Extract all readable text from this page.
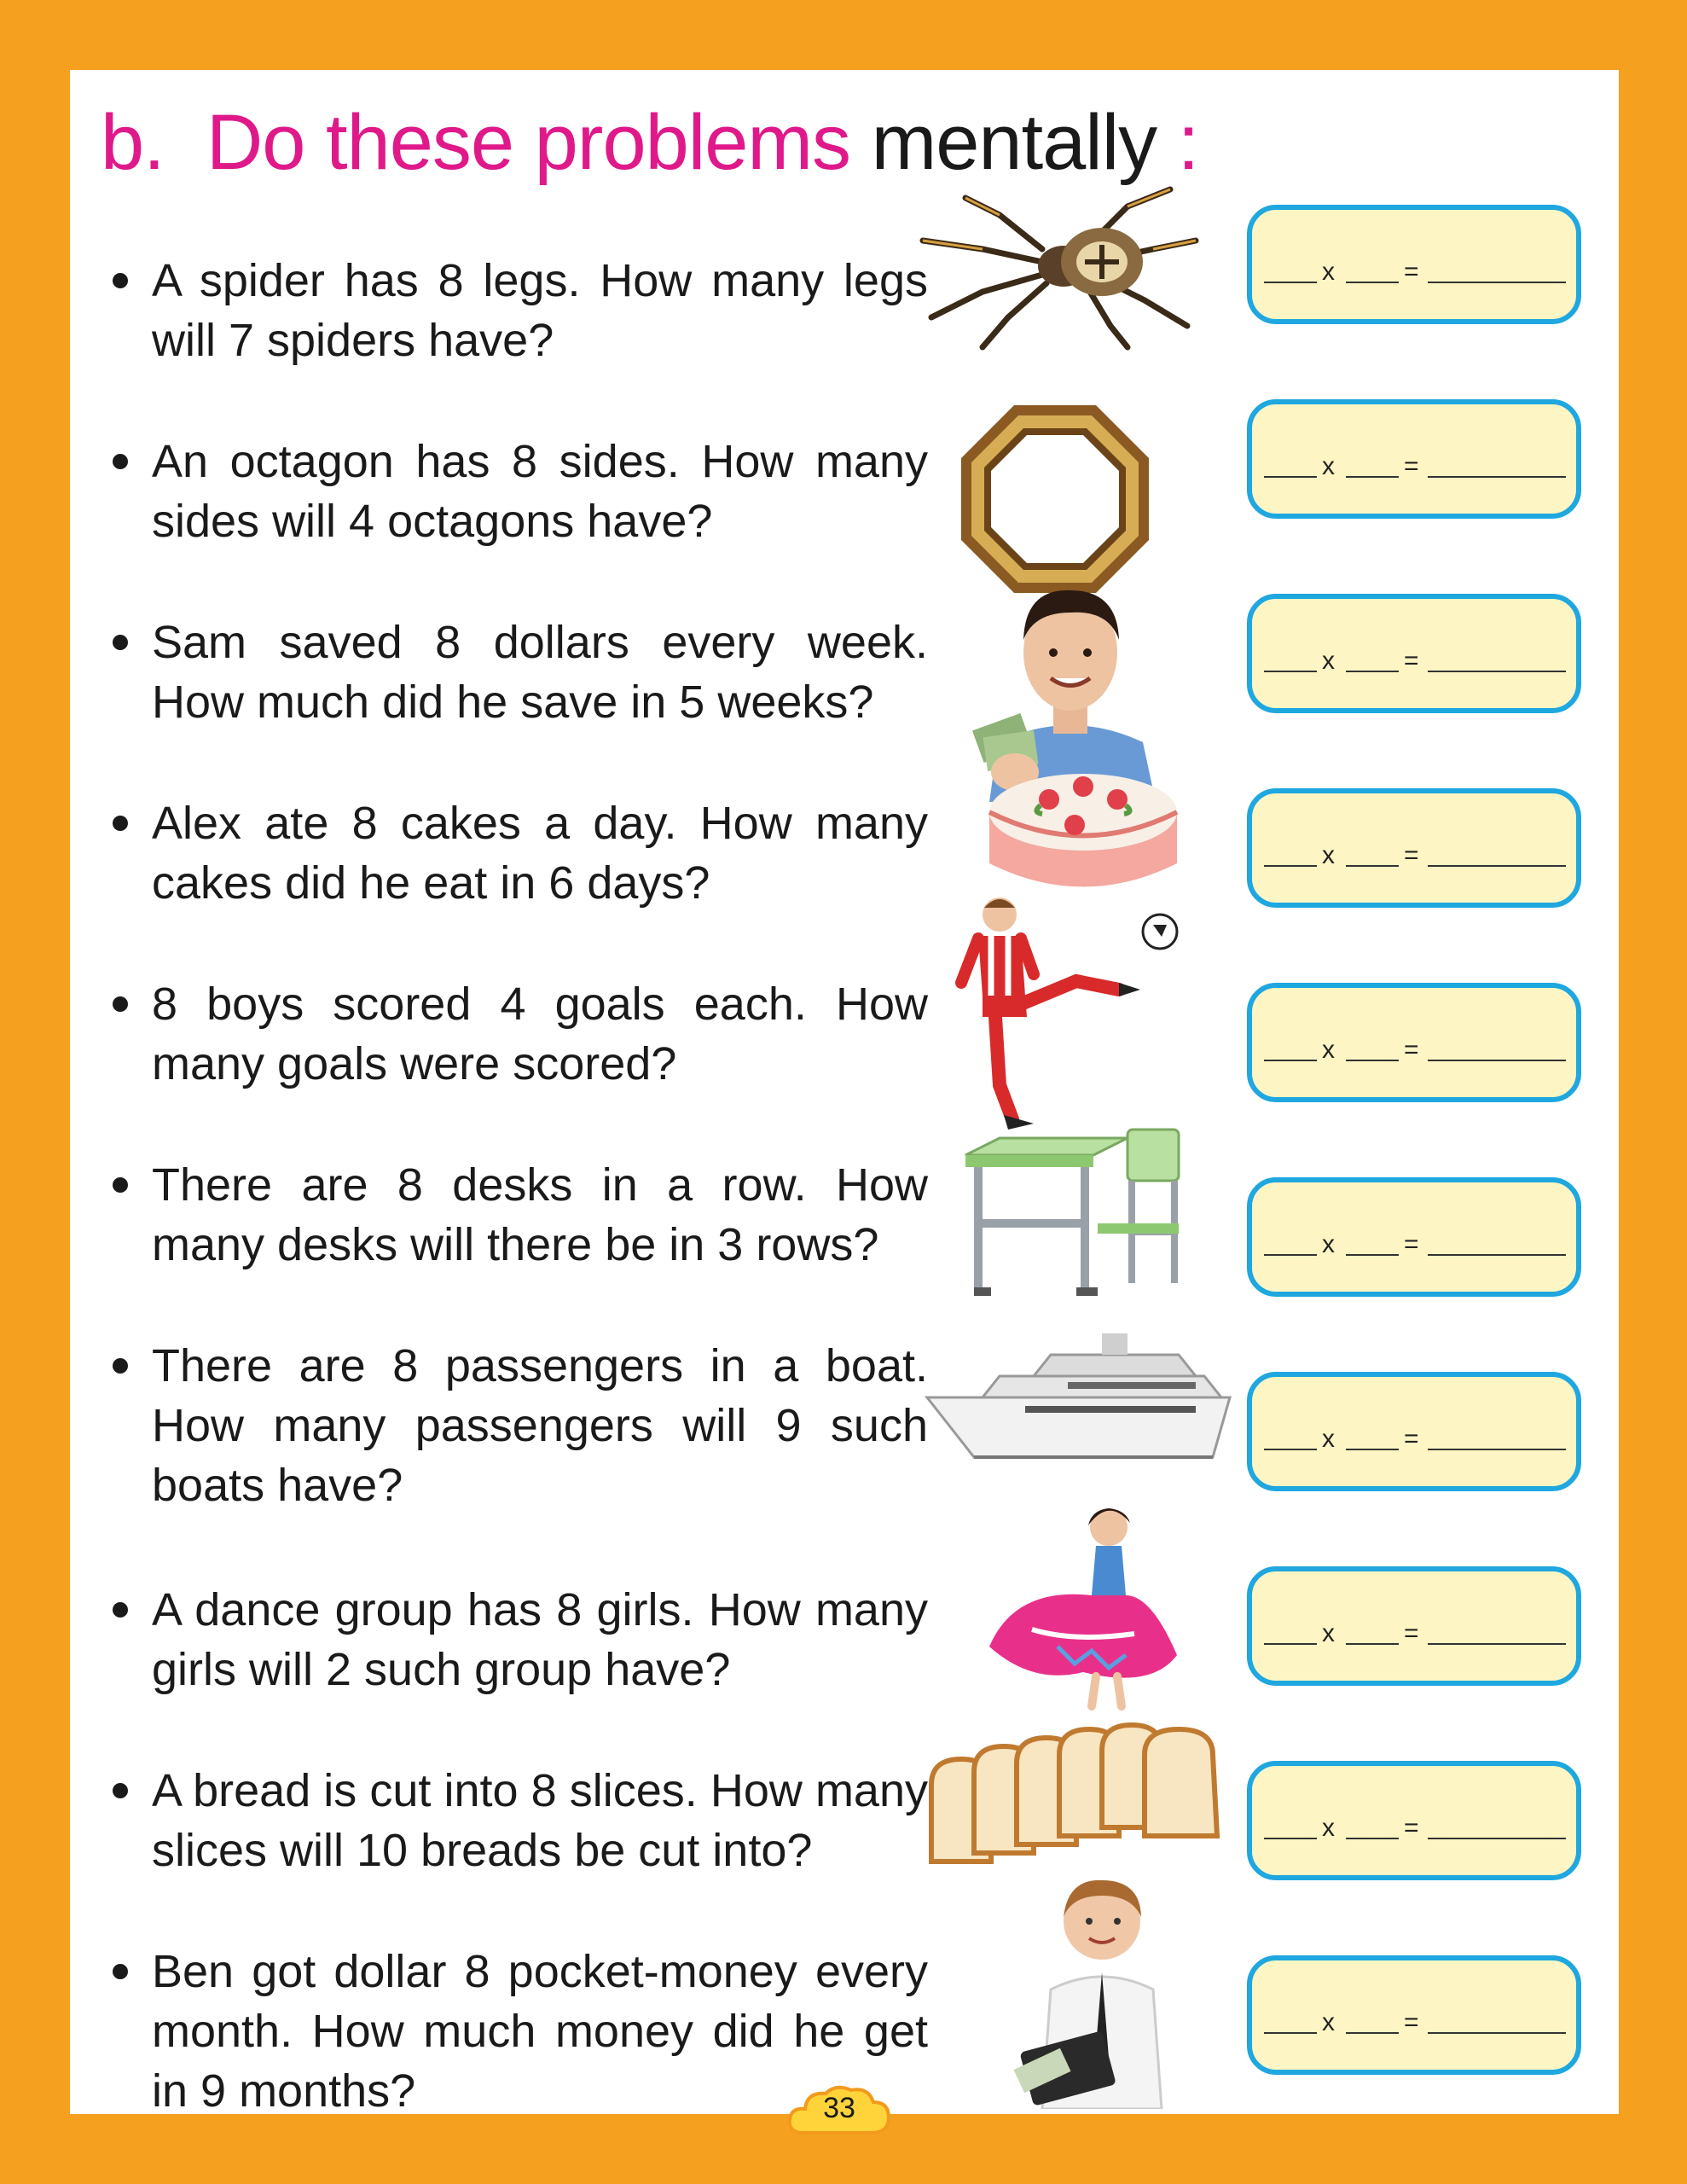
b. Do these problems mentally :
A spider has 8 legs. How many legs will 7 spiders have?
x	=
An octagon has 8 sides. How many sides will 4 octagons have?
x	=
Sam saved 8 dollars every week. How much did he save in 5 weeks?
x	=
Alex ate 8 cakes a day. How many cakes did he eat in 6 days?
x	=
8 boys scored 4 goals each. How many goals were scored?	x	=
There are 8 desks in a row. How many desks will there be in 3 rows?	x	=
There are 8 passengers in a boat. How many passengers will 9 such boats have?
x	=
A dance group has 8 girls. How many girls will 2 such group have?
x	=
A bread is cut into 8 slices. How many slices will 10 breads be cut into?	x	=
Ben got dollar 8 pocket-money every month. How much money did he get in 9 months?
x	=
33
